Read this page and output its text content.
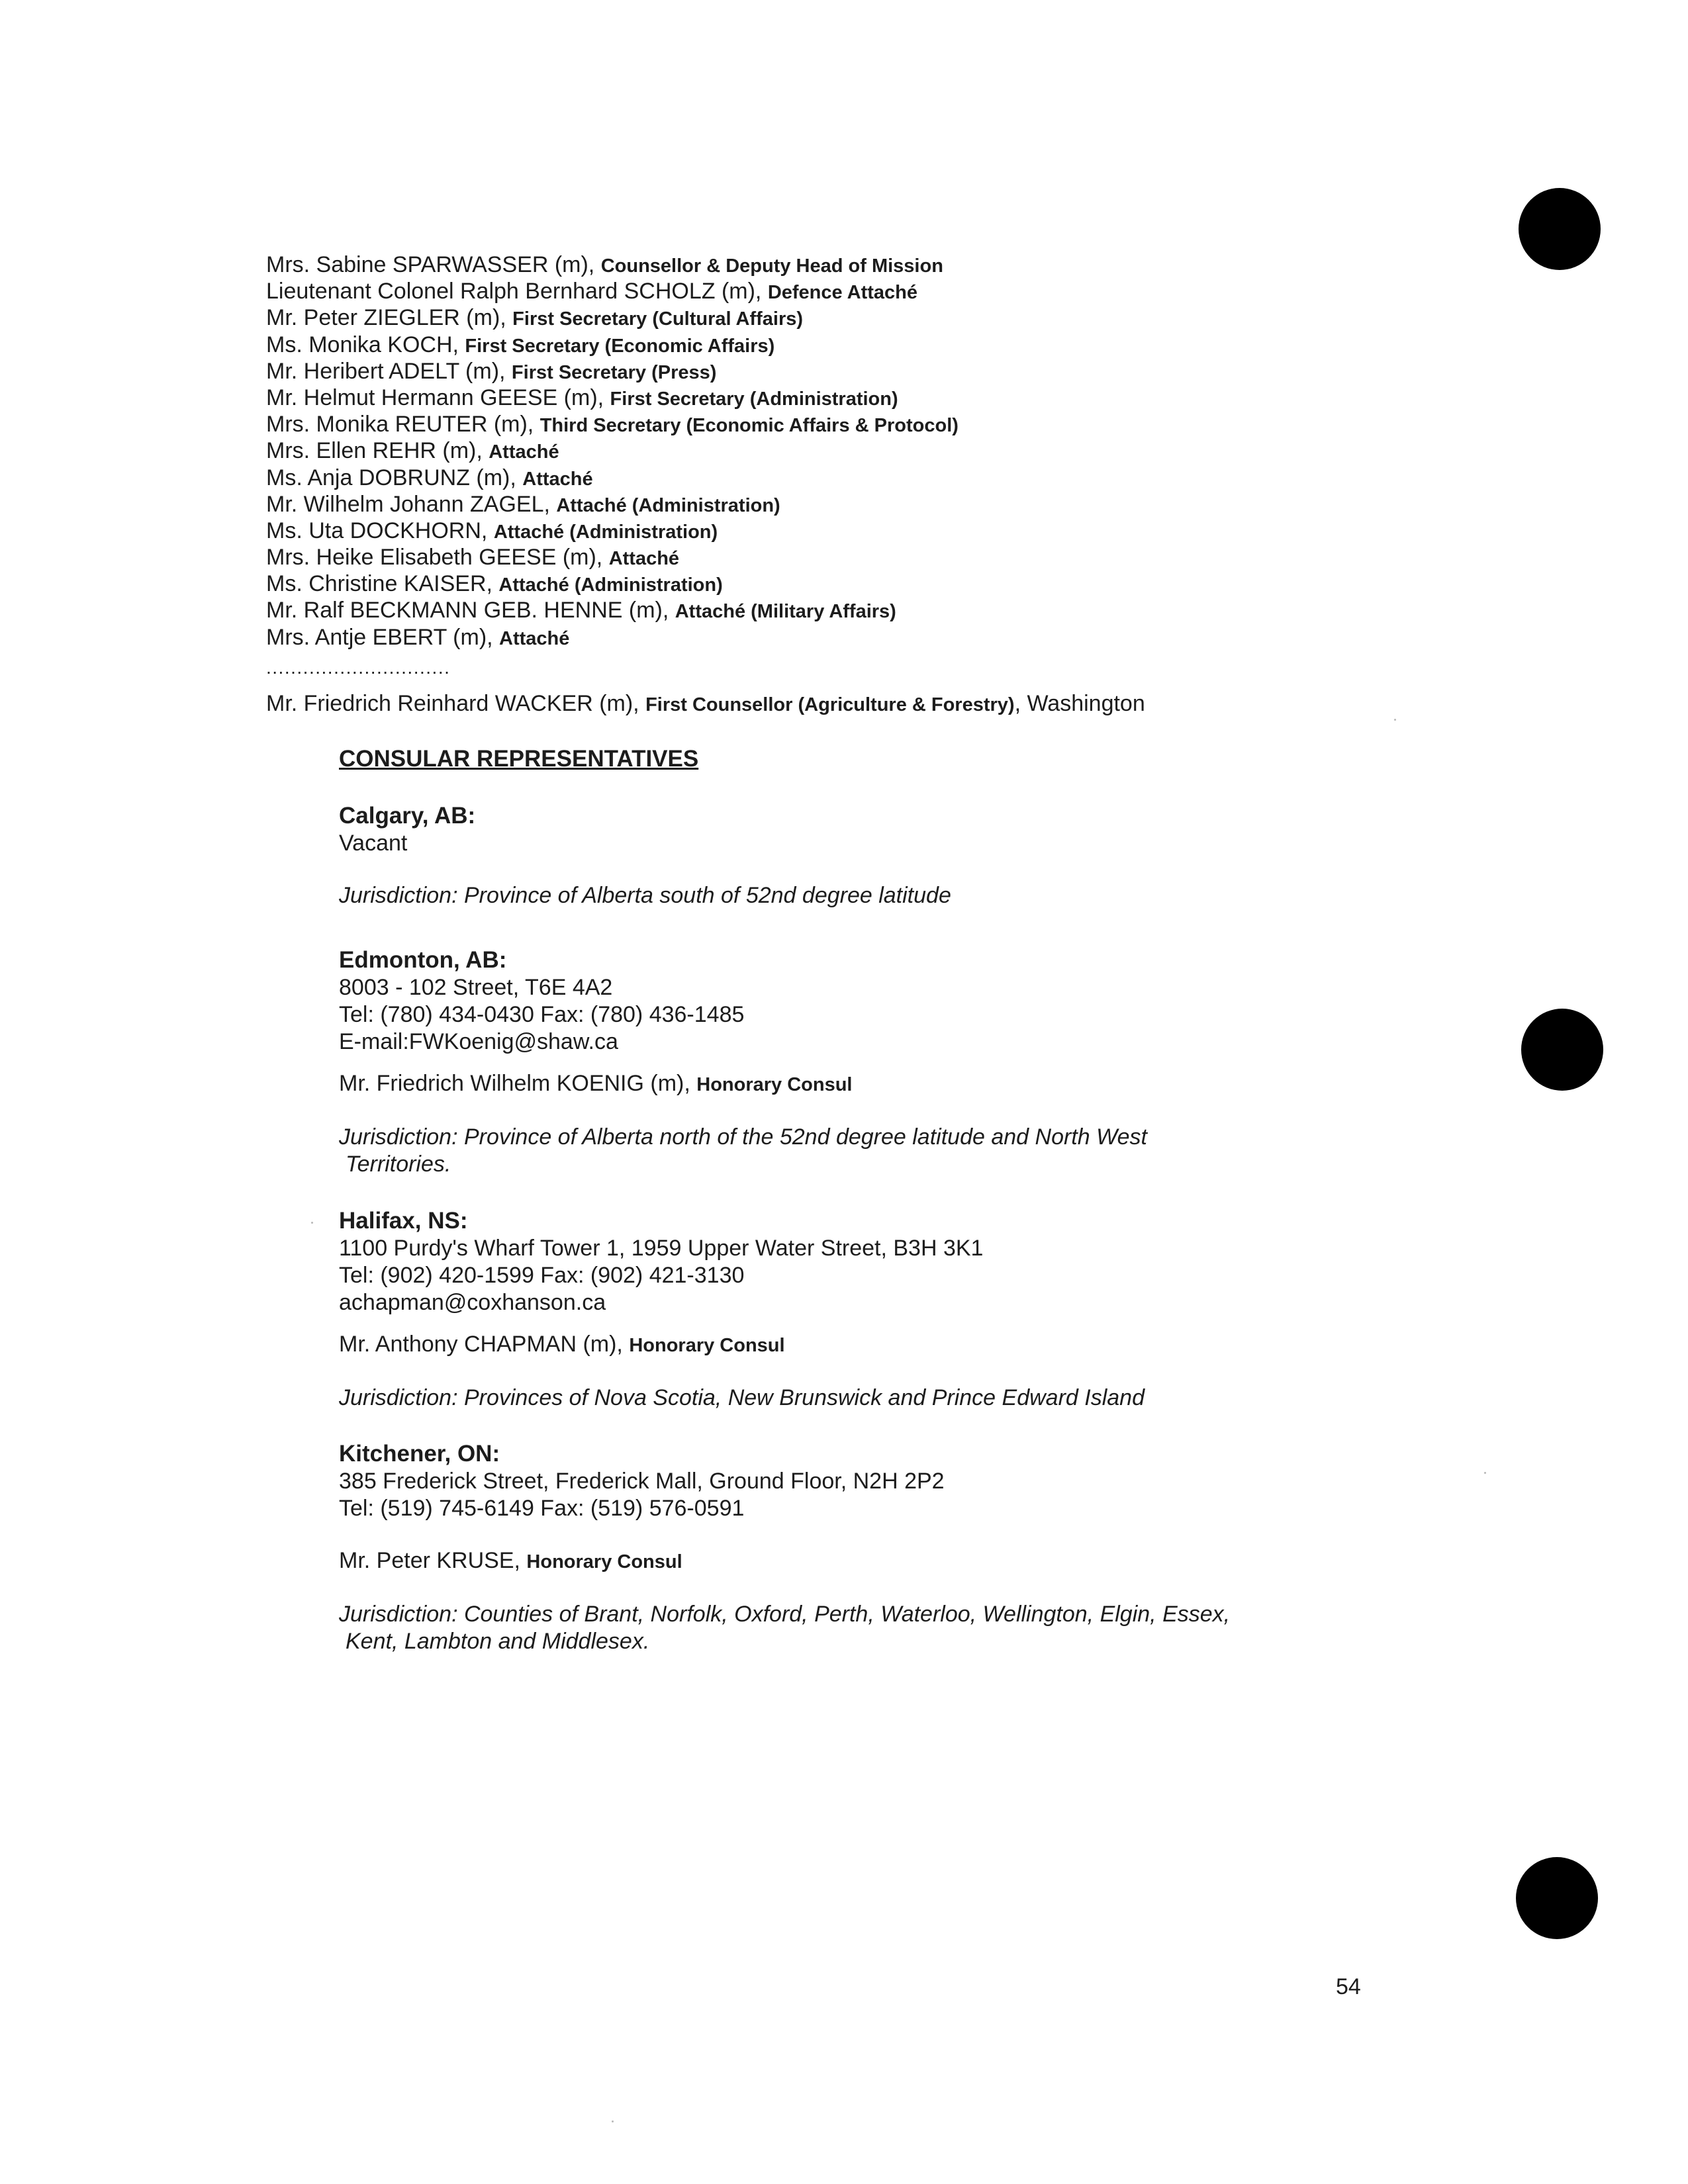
Mrs. Sabine SPARWASSER (m), Counsellor & Deputy Head of Mission
Lieutenant Colonel Ralph Bernhard SCHOLZ (m), Defence Attaché
Mr. Peter ZIEGLER (m), First Secretary (Cultural Affairs)
Ms. Monika KOCH, First Secretary (Economic Affairs)
Mr. Heribert ADELT (m), First Secretary (Press)
Mr. Helmut Hermann GEESE (m), First Secretary (Administration)
Mrs. Monika REUTER (m), Third Secretary (Economic Affairs & Protocol)
Mrs. Ellen REHR (m), Attaché
Ms. Anja DOBRUNZ (m), Attaché
Mr. Wilhelm Johann ZAGEL, Attaché (Administration)
Ms. Uta DOCKHORN, Attaché (Administration)
Mrs. Heike Elisabeth GEESE (m), Attaché
Ms. Christine KAISER, Attaché (Administration)
Mr. Ralf BECKMANN GEB. HENNE (m), Attaché (Military Affairs)
Mrs. Antje EBERT (m), Attaché
..............................
Mr. Friedrich Reinhard WACKER (m), First Counsellor (Agriculture & Forestry), Washington
CONSULAR REPRESENTATIVES
Calgary, AB:
Vacant
Jurisdiction: Province of Alberta south of 52nd degree latitude
Edmonton, AB:
8003 - 102 Street, T6E 4A2
Tel: (780) 434-0430 Fax: (780) 436-1485
E-mail:FWKoenig@shaw.ca
Mr. Friedrich Wilhelm KOENIG (m), Honorary Consul
Jurisdiction: Province of Alberta north of the 52nd degree latitude and North West
Territories.
Halifax, NS:
1100 Purdy's Wharf Tower 1, 1959 Upper Water Street, B3H 3K1
Tel: (902) 420-1599 Fax: (902) 421-3130
achapman@coxhanson.ca
Mr. Anthony CHAPMAN (m), Honorary Consul
Jurisdiction: Provinces of Nova Scotia, New Brunswick and Prince Edward Island
Kitchener, ON:
385 Frederick Street, Frederick Mall, Ground Floor, N2H 2P2
Tel: (519) 745-6149 Fax: (519) 576-0591
Mr. Peter KRUSE, Honorary Consul
Jurisdiction: Counties of Brant, Norfolk, Oxford, Perth, Waterloo, Wellington, Elgin, Essex,
Kent, Lambton and Middlesex.
54
